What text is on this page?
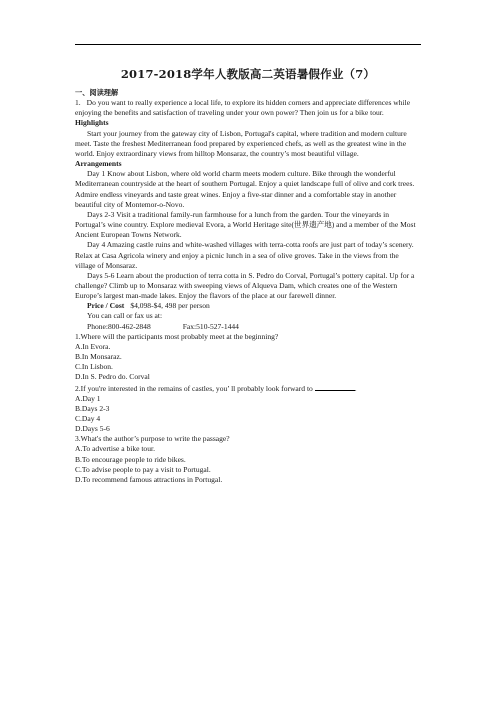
2017-2018学年人教版高二英语暑假作业（7）

一、阅读理解

1. Do you want to really experience a local life, to explore its hidden corners and appreciate differences while enjoying the benefits and satisfaction of traveling under your own power? Then join us for a bike tour.

Highlights

Start your journey from the gateway city of Lisbon, Portugal's capital, where tradition and modern culture meet. Taste the freshest Mediterranean food prepared by experienced chefs, as well as the greatest wine in the world. Enjoy extraordinary views from hilltop Monsaraz, the country’s most beautiful village.

Arrangements

Day 1 Know about Lisbon, where old world charm meets modern culture. Bike through the wonderful Mediterranean countryside at the heart of southern Portugal. Enjoy a quiet landscape full of olive and cork trees. Admire endless vineyards and taste great wines. Enjoy a five-star dinner and a comfortable stay in another beautiful city of Montemor-o-Novo.

Days 2-3 Visit a traditional family-run farmhouse for a lunch from the garden. Tour the vineyards in Portugal’s wine country. Explore medieval Evora, a World Heritage site(世界遗产地) and a member of the Most Ancient European Towns Network.

Day 4 Amazing castle ruins and white-washed villages with terra-cotta roofs are just part of today’s scenery. Relax at Casa Agricola winery and enjoy a picnic lunch in a sea of olive groves. Take in the views from the village of Monsaraz.

Days 5-6 Learn about the production of terra cotta in S. Pedro do Corval, Portugal’s pottery capital. Up for a challenge? Climb up to Monsaraz with sweeping views of Alqueva Dam, which creates one of the Western Europe’s largest man-made lakes. Enjoy the flavors of the place at our farewell dinner.

Price / Cost $4,098-$4, 498 per person

You can call or fax us at:

Phone:800-462-2848	Fax:510-527-1444

1.Where will the participants most probably meet at the beginning?

A.In Evora.

B.In Monsaraz.

C.In Lisbon.

D.In S. Pedro do. Corval

2.If you're interested in the remains of castles, you’ ll probably look forward to	.

A.Day 1

B.Days 2-3

C.Day 4

D.Days 5-6

3.What's the author’s purpose to write the passage?

A.To advertise a bike tour.

B.To encourage people to ride bikes.

C.To advise people to pay a visit to Portugal.

D.To recommend famous attractions in Portugal.
